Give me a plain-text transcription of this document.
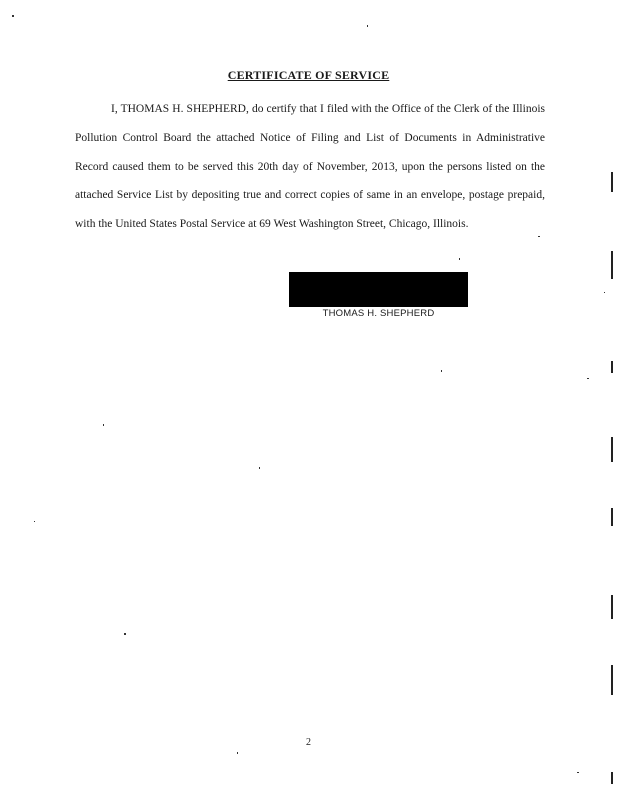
CERTIFICATE OF SERVICE

I, THOMAS H. SHEPHERD, do certify that I filed with the Office of the Clerk of the Illinois Pollution Control Board the attached Notice of Filing and List of Documents in Administrative Record caused them to be served this 20th day of November, 2013, upon the persons listed on the attached Service List by depositing true and correct copies of same in an envelope, postage prepaid, with the United States Postal Service at 69 West Washington Street, Chicago, Illinois.

THOMAS H. SHEPHERD
2
